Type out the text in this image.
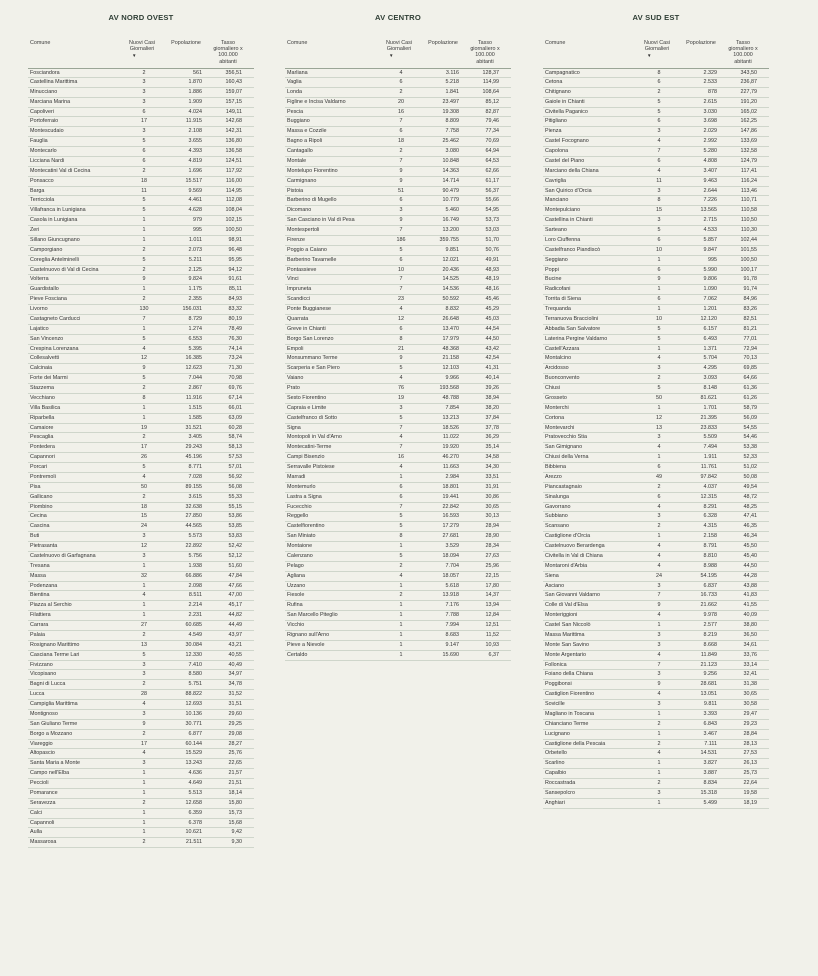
AV NORD OVEST
Comune	Nuovi Casi
Giornalieri
▼
Popolazione	Tasso
giornaliero x
100.000
abitanti
Fosciandora	2	561	356,51
Castellina Marittima	3	1.870	160,43
Minucciano	3	1.886	159,07
Marciana Marina	3	1.909	157,15
Capoliveri	6	4.024	149,11
Portoferraio	17	11.915	142,68
Montescudaio	3	2.108	142,31
Fauglia	5	3.655	136,80
Montecarlo	6	4.393	136,58
Licciana Nardi	6	4.819	124,51
Montecatini Val di Cecina	2	1.696	117,92
Ponsacco	18	15.517	116,00
Barga	11	9.569	114,95
Terricciola	5	4.461	112,08
Villafranca in Lunigiana	5	4.628	108,04
Casola in Lunigiana	1	979	102,15
Zeri	1	995	100,50
Sillano Giuncugnano	1	1.011	98,91
Camporgiano	2	2.073	96,48
Coreglia Antelminelli	5	5.211	95,95
Castelnuovo di Val di Cecina	2	2.125	94,12
Volterra	9	9.824	91,61
Guardistallo	1	1.175	85,11
Pieve Fosciana	2	2.355	84,93
Livorno	130	156.031	83,32
Castagneto Carducci	7	8.729	80,19
Lajatico	1	1.274	78,49
San Vincenzo	5	6.553	76,30
Crespina Lorenzana	4	5.395	74,14
Collesalvetti	12	16.385	73,24
Calcinaia	9	12.623	71,30
Forte dei Marmi	5	7.044	70,98
Stazzema	2	2.867	69,76
Vecchiano	8	11.916	67,14
Villa Basilica	1	1.515	66,01
Riparbella	1	1.585	63,09
Camaiore	19	31.521	60,28
Pescaglia	2	3.405	58,74
Pontedera	17	29.243	58,13
Capannori	26	45.196	57,53
Porcari	5	8.771	57,01
Pontremoli	4	7.028	56,92
Pisa	50	89.155	56,08
Gallicano	2	3.615	55,33
Piombino	18	32.638	55,15
Cecina	15	27.850	53,86
Cascina	24	44.565	53,85
Buti	3	5.573	53,83
Pietrasanta	12	22.892	52,42
Castelnuovo di Garfagnana	3	5.756	52,12
Tresana	1	1.938	51,60
Massa	32	66.886	47,84
Podenzana	1	2.098	47,66
Bientina	4	8.511	47,00
Piazza al Serchio	1	2.214	45,17
Filattiera	1	2.231	44,82
Carrara	27	60.685	44,49
Palaia	2	4.549	43,97
Rosignano Marittimo	13	30.084	43,21
Casciana Terme Lari	5	12.330	40,55
Fivizzano	3	7.410	40,49
Vicopisano	3	8.580	34,97
Bagni di Lucca	2	5.751	34,78
Lucca	28	88.822	31,52
Campiglia Marittima	4	12.693	31,51
Montignoso	3	10.136	29,60
San Giuliano Terme	9	30.771	29,25
Borgo a Mozzano	2	6.877	29,08
Viareggio	17	60.144	28,27
Altopascio	4	15.529	25,76
Santa Maria a Monte	3	13.243	22,65
Campo nell'Elba	1	4.636	21,57
Peccioli	1	4.649	21,51
Pomarance	1	5.513	18,14
Seravezza	2	12.658	15,80
Calci	1	6.359	15,73
Capannoli	1	6.378	15,68
Aulla	1	10.621	9,42
Massarosa	2	21.511	9,30
AV CENTRO
Comune	Nuovi Casi
Giornalieri
▼
Popolazione	Tasso
giornaliero x
100.000
abitanti
Marliana	4	3.116	128,37
Vaglia	6	5.218	114,99
Londa	2	1.841	108,64
Figline e Incisa Valdarno	20	23.497	85,12
Pescia	16	19.308	82,87
Buggiano	7	8.809	79,46
Massa e Cozzile	6	7.758	77,34
Bagno a Ripoli	18	25.462	70,69
Cantagallo	2	3.080	64,94
Montale	7	10.848	64,53
Montelupo Fiorentino	9	14.363	62,66
Carmignano	9	14.714	61,17
Pistoia	51	90.479	56,37
Barberino di Mugello	6	10.779	55,66
Dicomano	3	5.460	54,95
San Casciano in Val di Pesa	9	16.749	53,73
Montespertoli	7	13.200	53,03
Firenze	186	359.755	51,70
Poggio a Caiano	5	9.851	50,76
Barberino Tavarnelle	6	12.021	49,91
Pontassieve	10	20.436	48,93
Vinci	7	14.525	48,19
Impruneta	7	14.536	48,16
Scandicci	23	50.592	45,46
Ponte Buggianese	4	8.832	45,29
Quarrata	12	26.648	45,03
Greve in Chianti	6	13.470	44,54
Borgo San Lorenzo	8	17.979	44,50
Empoli	21	48.368	43,42
Monsummano Terme	9	21.158	42,54
Scarperia e San Piero	5	12.103	41,31
Vaiano	4	9.966	40,14
Prato	76	193.568	39,26
Sesto Fiorentino	19	48.788	38,94
Capraia e Limite	3	7.854	38,20
Castelfranco di Sotto	5	13.213	37,84
Signa	7	18.526	37,78
Montopoli in Val d'Arno	4	11.022	36,29
Montecatini-Terme	7	19.920	35,14
Campi Bisenzio	16	46.270	34,58
Serravalle Pistoiese	4	11.663	34,30
Marradi	1	2.984	33,51
Montemurlo	6	18.801	31,91
Lastra a Signa	6	19.441	30,86
Fucecchio	7	22.842	30,65
Reggello	5	16.593	30,13
Castelfiorentino	5	17.279	28,94
San Miniato	8	27.681	28,90
Montaione	1	3.529	28,34
Calenzano	5	18.094	27,63
Pelago	2	7.704	25,96
Agliana	4	18.057	22,15
Uzzano	1	5.618	17,80
Fiesole	2	13.918	14,37
Rufina	1	7.176	13,94
San Marcello Piteglio	1	7.788	12,84
Vicchio	1	7.994	12,51
Rignano sull'Arno	1	8.683	11,52
Pieve a Nievole	1	9.147	10,93
Certaldo	1	15.690	6,37
AV SUD EST
Comune	Nuovi Casi
Giornalieri
▼
Popolazione	Tasso
giornaliero x
100.000
abitanti
Campagnatico	8	2.329	343,50
Cetona	6	2.533	236,87
Chitignano	2	878	227,79
Gaiole in Chianti	5	2.615	191,20
Civitella Paganico	5	3.030	165,02
Pitigliano	6	3.698	162,25
Pienza	3	2.029	147,86
Castel Focognano	4	2.992	133,69
Capolona	7	5.280	132,58
Castel del Piano	6	4.808	124,79
Marciano della Chiana	4	3.407	117,41
Cavriglia	11	9.463	116,24
San Quirico d'Orcia	3	2.644	113,46
Manciano	8	7.226	110,71
Montepulciano	15	13.565	110,58
Castellina in Chianti	3	2.715	110,50
Sarteano	5	4.533	110,30
Loro Ciuffenna	6	5.857	102,44
Castelfranco Piandiscò	10	9.847	101,55
Seggiano	1	995	100,50
Poppi	6	5.990	100,17
Bucine	9	9.806	91,78
Radicofani	1	1.090	91,74
Torrita di Siena	6	7.062	84,96
Trequanda	1	1.201	83,26
Terranuova Bracciolini	10	12.120	82,51
Abbadia San Salvatore	5	6.157	81,21
Laterina Pergine Valdarno	5	6.493	77,01
Castell'Azzara	1	1.371	72,94
Montalcino	4	5.704	70,13
Arcidosso	3	4.295	69,85
Buonconvento	2	3.093	64,66
Chiusi	5	8.148	61,36
Grosseto	50	81.621	61,26
Monterchi	1	1.701	58,79
Cortona	12	21.395	56,09
Montevarchi	13	23.833	54,55
Pratovecchio Stia	3	5.509	54,46
San Gimignano	4	7.494	53,38
Chiusi della Verna	1	1.911	52,33
Bibbiena	6	11.761	51,02
Arezzo	49	97.842	50,08
Piancastagnaio	2	4.037	49,54
Sinalunga	6	12.315	48,72
Gavorrano	4	8.291	48,25
Subbiano	3	6.328	47,41
Scansano	2	4.315	46,35
Castiglione d'Orcia	1	2.158	46,34
Castelnuovo Berardenga	4	8.791	45,50
Civitella in Val di Chiana	4	8.810	45,40
Montaroni d'Arbia	4	8.988	44,50
Siena	24	54.195	44,28
Asciano	3	6.837	43,88
San Giovanni Valdarno	7	16.733	41,83
Colle di Val d'Elsa	9	21.662	41,55
Monteriggioni	4	9.978	40,09
Castel San Niccolò	1	2.577	38,80
Massa Marittima	3	8.219	36,50
Monte San Savino	3	8.668	34,61
Monte Argentario	4	11.849	33,76
Follonica	7	21.123	33,14
Foiano della Chiana	3	9.256	32,41
Poggibonsi	9	28.681	31,38
Castiglion Fiorentino	4	13.051	30,65
Sovicille	3	9.811	30,58
Magliano in Toscana	1	3.393	29,47
Chianciano Terme	2	6.843	29,23
Lucignano	1	3.467	28,84
Castiglione della Pescaia	2	7.111	28,13
Orbetello	4	14.531	27,53
Scarlino	1	3.827	26,13
Capalbio	1	3.887	25,73
Roccastrada	2	8.834	22,64
Sansepolcro	3	15.318	19,58
Anghiari	1	5.499	18,19
